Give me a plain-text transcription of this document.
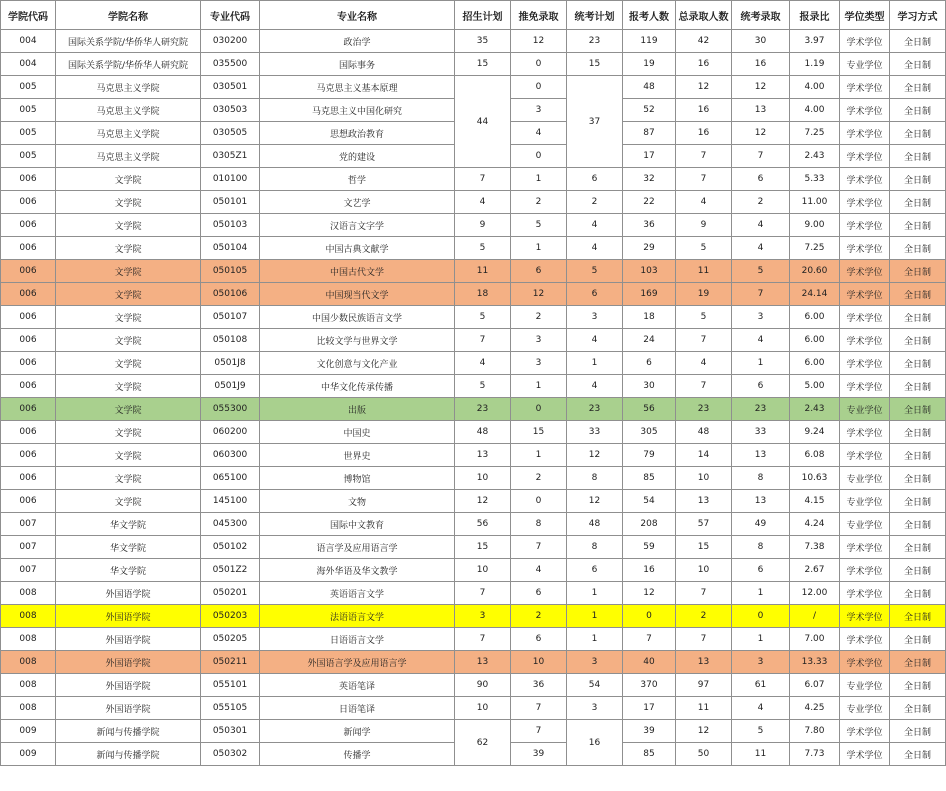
学院代码	学院名称	专业代码	专业名称	招生计划	推免录取	统考计划	报考人数	总录取人数	统考录取	报录比	学位类型	学习方式
004	国际关系学院/华侨华人研究院	030200	政治学	35	12	23	119	42	30	3.97	学术学位	全日制
004	国际关系学院/华侨华人研究院	035500	国际事务	15	0	15	19	16	16	1.19	专业学位	全日制
005	马克思主义学院	030501	马克思主义基本原理	44	0	37	48	12	12	4.00	学术学位	全日制
005	马克思主义学院	030503	马克思主义中国化研究		3		52	16	13	4.00	学术学位	全日制
005	马克思主义学院	030505	思想政治教育		4		87	16	12	7.25	学术学位	全日制
005	马克思主义学院	0305Z1	党的建设		0		17	7	7	2.43	学术学位	全日制
006	文学院	010100	哲学	7	1	6	32	7	6	5.33	学术学位	全日制
006	文学院	050101	文艺学	4	2	2	22	4	2	11.00	学术学位	全日制
006	文学院	050103	汉语言文字学	9	5	4	36	9	4	9.00	学术学位	全日制
006	文学院	050104	中国古典文献学	5	1	4	29	5	4	7.25	学术学位	全日制
006	文学院	050105	中国古代文学	11	6	5	103	11	5	20.60	学术学位	全日制
006	文学院	050106	中国现当代文学	18	12	6	169	19	7	24.14	学术学位	全日制
006	文学院	050107	中国少数民族语言文学	5	2	3	18	5	3	6.00	学术学位	全日制
006	文学院	050108	比较文学与世界文学	7	3	4	24	7	4	6.00	学术学位	全日制
006	文学院	0501J8	文化创意与文化产业	4	3	1	6	4	1	6.00	学术学位	全日制
006	文学院	0501J9	中华文化传承传播	5	1	4	30	7	6	5.00	学术学位	全日制
006	文学院	055300	出版	23	0	23	56	23	23	2.43	专业学位	全日制
006	文学院	060200	中国史	48	15	33	305	48	33	9.24	学术学位	全日制
006	文学院	060300	世界史	13	1	12	79	14	13	6.08	学术学位	全日制
006	文学院	065100	博物馆	10	2	8	85	10	8	10.63	专业学位	全日制
006	文学院	145100	文物	12	0	12	54	13	13	4.15	专业学位	全日制
007	华文学院	045300	国际中文教育	56	8	48	208	57	49	4.24	专业学位	全日制
007	华文学院	050102	语言学及应用语言学	15	7	8	59	15	8	7.38	学术学位	全日制
007	华文学院	0501Z2	海外华语及华文教学	10	4	6	16	10	6	2.67	学术学位	全日制
008	外国语学院	050201	英语语言文学	7	6	1	12	7	1	12.00	学术学位	全日制
008	外国语学院	050203	法语语言文学	3	2	1	0	2	0	/	学术学位	全日制
008	外国语学院	050205	日语语言文学	7	6	1	7	7	1	7.00	学术学位	全日制
008	外国语学院	050211	外国语言学及应用语言学	13	10	3	40	13	3	13.33	学术学位	全日制
008	外国语学院	055101	英语笔译	90	36	54	370	97	61	6.07	专业学位	全日制
008	外国语学院	055105	日语笔译	10	7	3	17	11	4	4.25	专业学位	全日制
009	新闻与传播学院	050301	新闻学	62	7	16	39	12	5	7.80	学术学位	全日制
009	新闻与传播学院	050302	传播学		39		85	50	11	7.73	学术学位	全日制
